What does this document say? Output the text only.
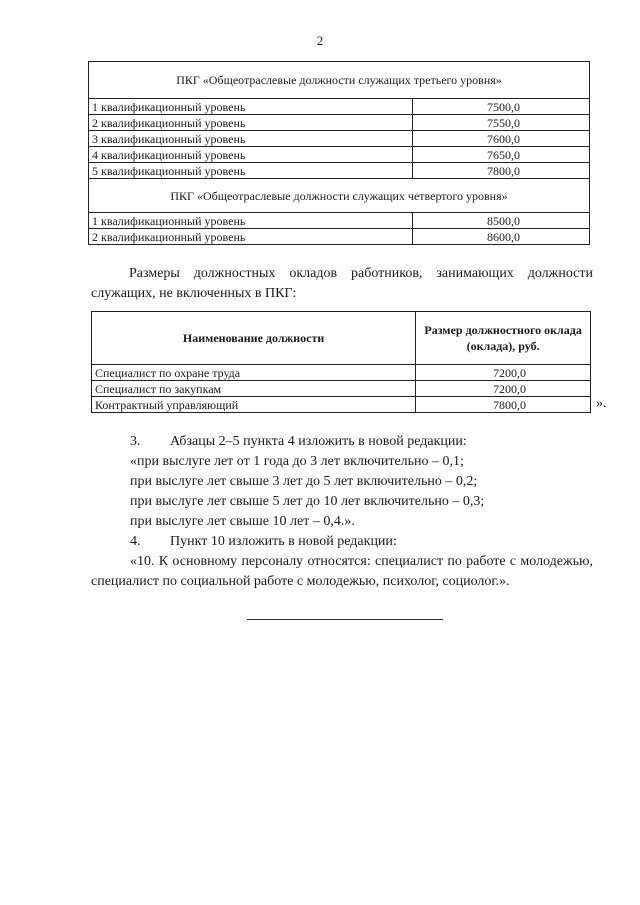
2
ПКГ «Общеотраслевые должности служащих третьего уровня»	
1 квалификационный уровень	7500,0
2 квалификационный уровень	7550,0
3 квалификационный уровень	7600,0
4 квалификационный уровень	7650,0
5 квалификационный уровень	7800,0
ПКГ «Общеотраслевые должности служащих четвертого уровня»	
1 квалификационный уровень	8500,0
2 квалификационный уровень	8600,0
Размеры должностных окладов работников, занимающих должности служащих, не включенных в ПКГ:
Наименование должности	Размер должностного оклада (оклада), руб.
Специалист по охране труда	7200,0
Специалист по закупкам	7200,0
Контрактный управляющий	7800,0	».
3. Абзацы 2–5 пункта 4 изложить в новой редакции:
«при выслуге лет от 1 года до 3 лет включительно – 0,1;
при выслуге лет свыше 3 лет до 5 лет включительно – 0,2;
при выслуге лет свыше 5 лет до 10 лет включительно – 0,3;
при выслуге лет свыше 10 лет – 0,4.».
4. Пункт 10 изложить в новой редакции:
«10. К основному персоналу относятся: специалист по работе с молодежью, специалист по социальной работе с молодежью, психолог, социолог.».
